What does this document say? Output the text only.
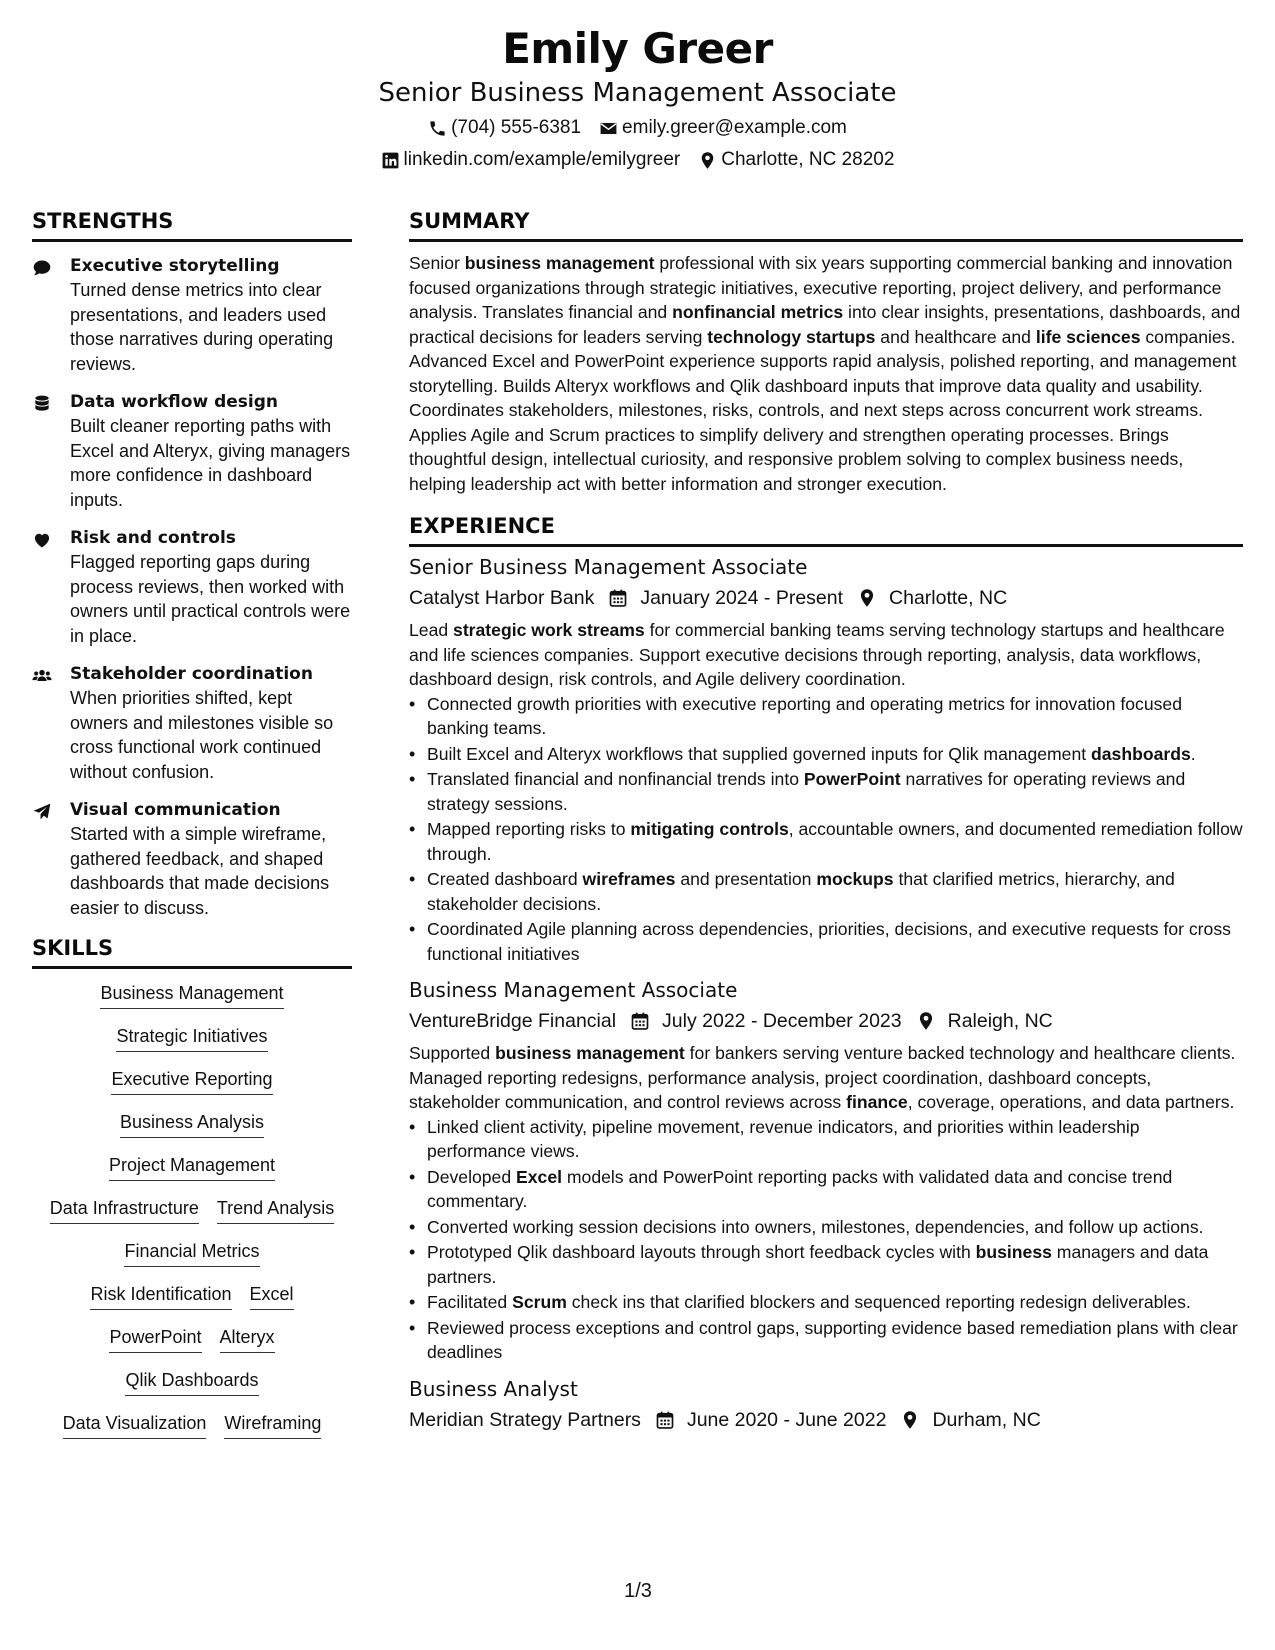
Emily Greer
Senior Business Management Associate
(704) 555-6381 emily.greer@example.com
linkedin.com/example/emilygreer Charlotte, NC 28202
STRENGTHS
Executive storytelling
Turned dense metrics into clear presentations, and leaders used those narratives during operating reviews.
Data workflow design
Built cleaner reporting paths with Excel and Alteryx, giving managers more confidence in dashboard inputs.
Risk and controls
Flagged reporting gaps during process reviews, then worked with owners until practical controls were in place.
Stakeholder coordination
When priorities shifted, kept owners and milestones visible so cross functional work continued without confusion.
Visual communication
Started with a simple wireframe, gathered feedback, and shaped dashboards that made decisions easier to discuss.
SKILLS
Business Management
Strategic Initiatives
Executive Reporting
Business Analysis
Project Management
Data Infrastructure Trend Analysis
Financial Metrics
Risk Identification Excel
PowerPoint Alteryx
Qlik Dashboards
Data Visualization Wireframing
SUMMARY

Senior business management professional with six years supporting commercial banking and innovation focused organizations through strategic initiatives, executive reporting, project delivery, and performance analysis. Translates financial and nonfinancial metrics into clear insights, presentations, dashboards, and practical decisions for leaders serving technology startups and healthcare and life sciences companies. Advanced Excel and PowerPoint experience supports rapid analysis, polished reporting, and management storytelling. Builds Alteryx workflows and Qlik dashboard inputs that improve data quality and usability. Coordinates stakeholders, milestones, risks, controls, and next steps across concurrent work streams. Applies Agile and Scrum practices to simplify delivery and strengthen operating processes. Brings thoughtful design, intellectual curiosity, and responsive problem solving to complex business needs, helping leadership act with better information and stronger execution.

EXPERIENCE
Senior Business Management Associate
Catalyst Harbor Bank January 2024 - Present Charlotte, NC

Lead strategic work streams for commercial banking teams serving technology startups and healthcare and life sciences companies. Support executive decisions through reporting, analysis, data workflows, dashboard design, risk controls, and Agile delivery coordination.

• Connected growth priorities with executive reporting and operating metrics for innovation focused banking teams.
• Built Excel and Alteryx workflows that supplied governed inputs for Qlik management dashboards.
• Translated financial and nonfinancial trends into PowerPoint narratives for operating reviews and strategy sessions.
• Mapped reporting risks to mitigating controls, accountable owners, and documented remediation follow through.
• Created dashboard wireframes and presentation mockups that clarified metrics, hierarchy, and stakeholder decisions.
• Coordinated Agile planning across dependencies, priorities, decisions, and executive requests for cross functional initiatives
Business Management Associate
VentureBridge Financial July 2022 - December 2023 Raleigh, NC

Supported business management for bankers serving venture backed technology and healthcare clients. Managed reporting redesigns, performance analysis, project coordination, dashboard concepts, stakeholder communication, and control reviews across finance, coverage, operations, and data partners.

• Linked client activity, pipeline movement, revenue indicators, and priorities within leadership performance views.
• Developed Excel models and PowerPoint reporting packs with validated data and concise trend commentary.
• Converted working session decisions into owners, milestones, dependencies, and follow up actions.
• Prototyped Qlik dashboard layouts through short feedback cycles with business managers and data partners.
• Facilitated Scrum check ins that clarified blockers and sequenced reporting redesign deliverables.
• Reviewed process exceptions and control gaps, supporting evidence based remediation plans with clear deadlines
Business Analyst
Meridian Strategy Partners June 2020 - June 2022 Durham, NC
1/3
